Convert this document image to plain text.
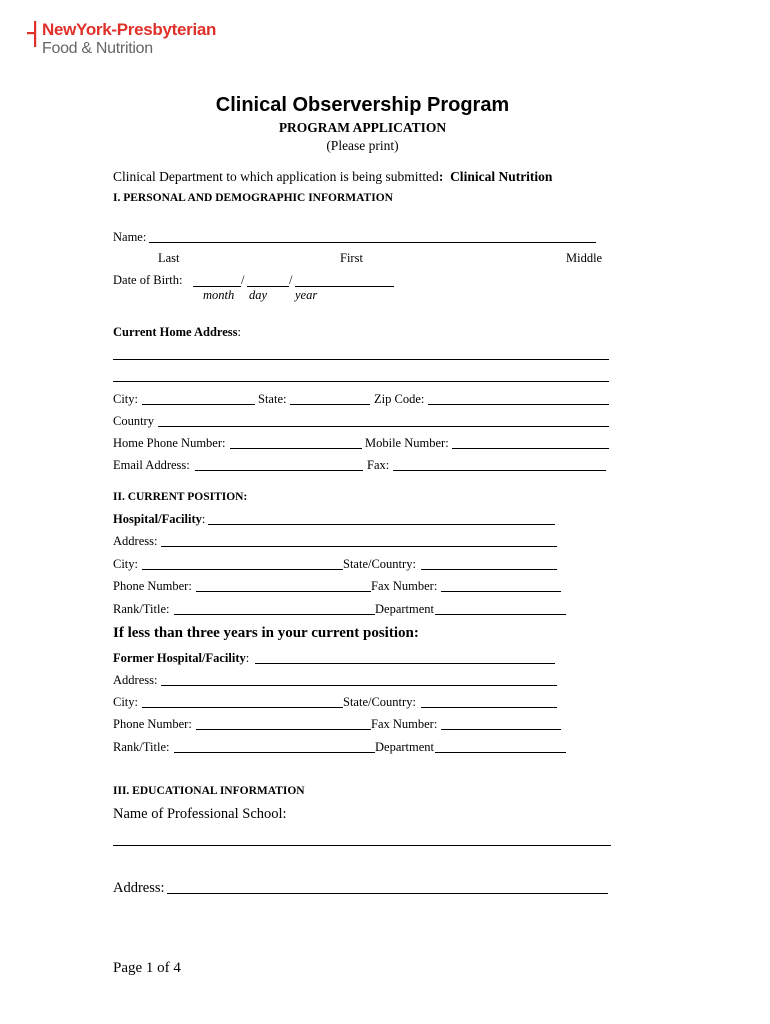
NewYork-Presbyterian
Food & Nutrition
Clinical Observership Program
PROGRAM APPLICATION
(Please print)
Clinical Department to which application is being submitted: Clinical Nutrition
I. PERSONAL AND DEMOGRAPHIC INFORMATION
Name:
Last	First	Middle
Date of Birth:	/	/
month day year
Current Home Address:
City:	State:	Zip Code:
Country
Home Phone Number:	Mobile Number:
Email Address:	Fax:
II. CURRENT POSITION:
Hospital/Facility:
Address:
City:	State/Country:
Phone Number:	Fax Number:
Rank/Title:	Department
If less than three years in your current position:
Former Hospital/Facility:
Address:
City:	State/Country:
Phone Number:	Fax Number:
Rank/Title:	Department
III. EDUCATIONAL INFORMATION
Name of Professional School:
Address:
Page 1 of 4
